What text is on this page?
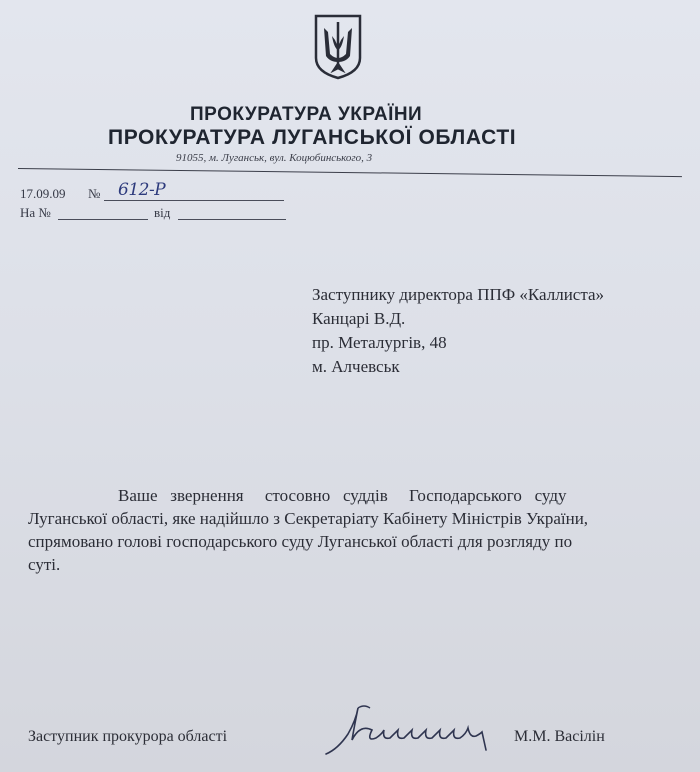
ПРОКУРАТУРА УКРАЇНИ
ПРОКУРАТУРА ЛУГАНСЬКОЇ ОБЛАСТІ
91055, м. Луганськ, вул. Коцюбинського, 3
17.09.09 № 612-Р
На №	від
Заступнику директора ППФ «Каллиста»
Канцарі В.Д.
пр. Металургів, 48
м. Алчевськ
Ваше   звернення     стосовно   суддів     Господарського   суду
Луганської області, яке надійшло з Секретаріату Кабінету Міністрів України,
спрямовано голові господарського суду Луганської області для розгляду по
суті.
Заступник прокурора області	М.М. Васілін
